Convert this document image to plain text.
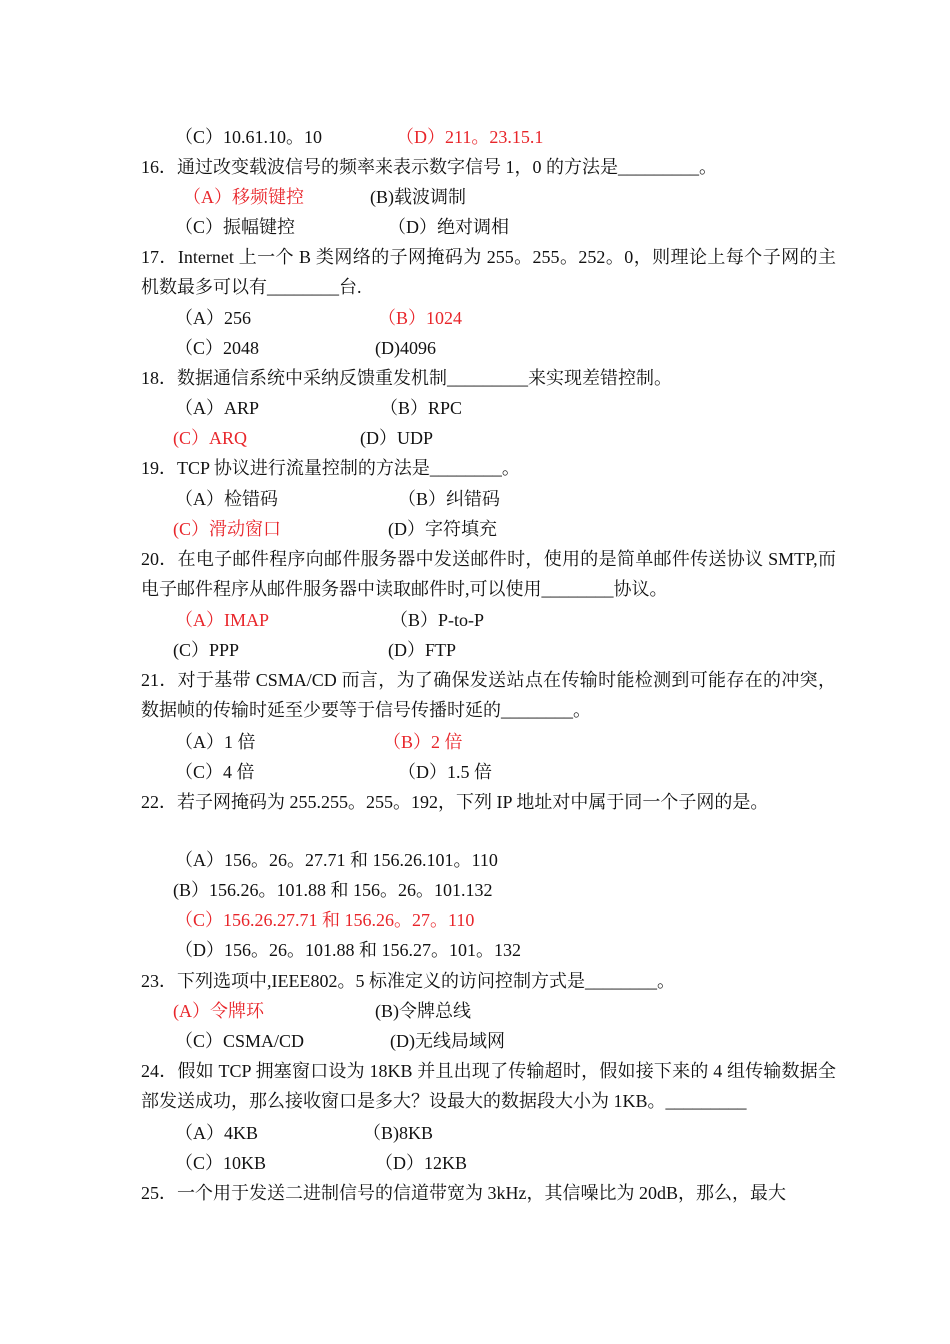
（C）10.61.10。10	（D）211。23.15.1
16．通过改变载波信号的频率来表示数字信号 1，0 的方法是_________。
（A）移频键控	(B)载波调制
（C）振幅键控	（D）绝对调相
17．Internet 上一个 B 类网络的子网掩码为 255。255。252。0，则理论上每个子网的主机数最多可以有________台.
（A）256	（B）1024
（C）2048	(D)4096
18．数据通信系统中采纳反馈重发机制_________来实现差错控制。
（A）ARP	（B）RPC
(C）ARQ	(D）UDP
19．TCP 协议进行流量控制的方法是________。
（A）检错码	（B）纠错码
(C）滑动窗口	(D）字符填充
20．在电子邮件程序向邮件服务器中发送邮件时，使用的是简单邮件传送协议 SMTP,而电子邮件程序从邮件服务器中读取邮件时,可以使用________协议。
（A）IMAP	（B）P-to-P
(C）PPP	(D）FTP
21．对于基带 CSMA/CD 而言，为了确保发送站点在传输时能检测到可能存在的冲突，数据帧的传输时延至少要等于信号传播时延的________。
（A）1 倍	（B）2 倍
（C）4 倍	（D）1.5 倍
22．若子网掩码为 255.255。255。192，下列 IP 地址对中属于同一个子网的是。
（A）156。26。27.71 和 156.26.101。110
(B）156.26。101.88 和 156。26。101.132
（C）156.26.27.71 和 156.26。27。110
（D）156。26。101.88 和 156.27。101。132
23．下列选项中,IEEE802。5 标准定义的访问控制方式是________。
(A）令牌环	(B)令牌总线
（C）CSMA/CD	(D)无线局域网
24．假如 TCP 拥塞窗口设为 18KB 并且出现了传输超时，假如接下来的 4 组传输数据全部发送成功，那么接收窗口是多大？设最大的数据段大小为 1KB。_________
（A）4KB	（B)8KB
（C）10KB	（D）12KB
25．一个用于发送二进制信号的信道带宽为 3kHz，其信噪比为 20dB，那么，最大
